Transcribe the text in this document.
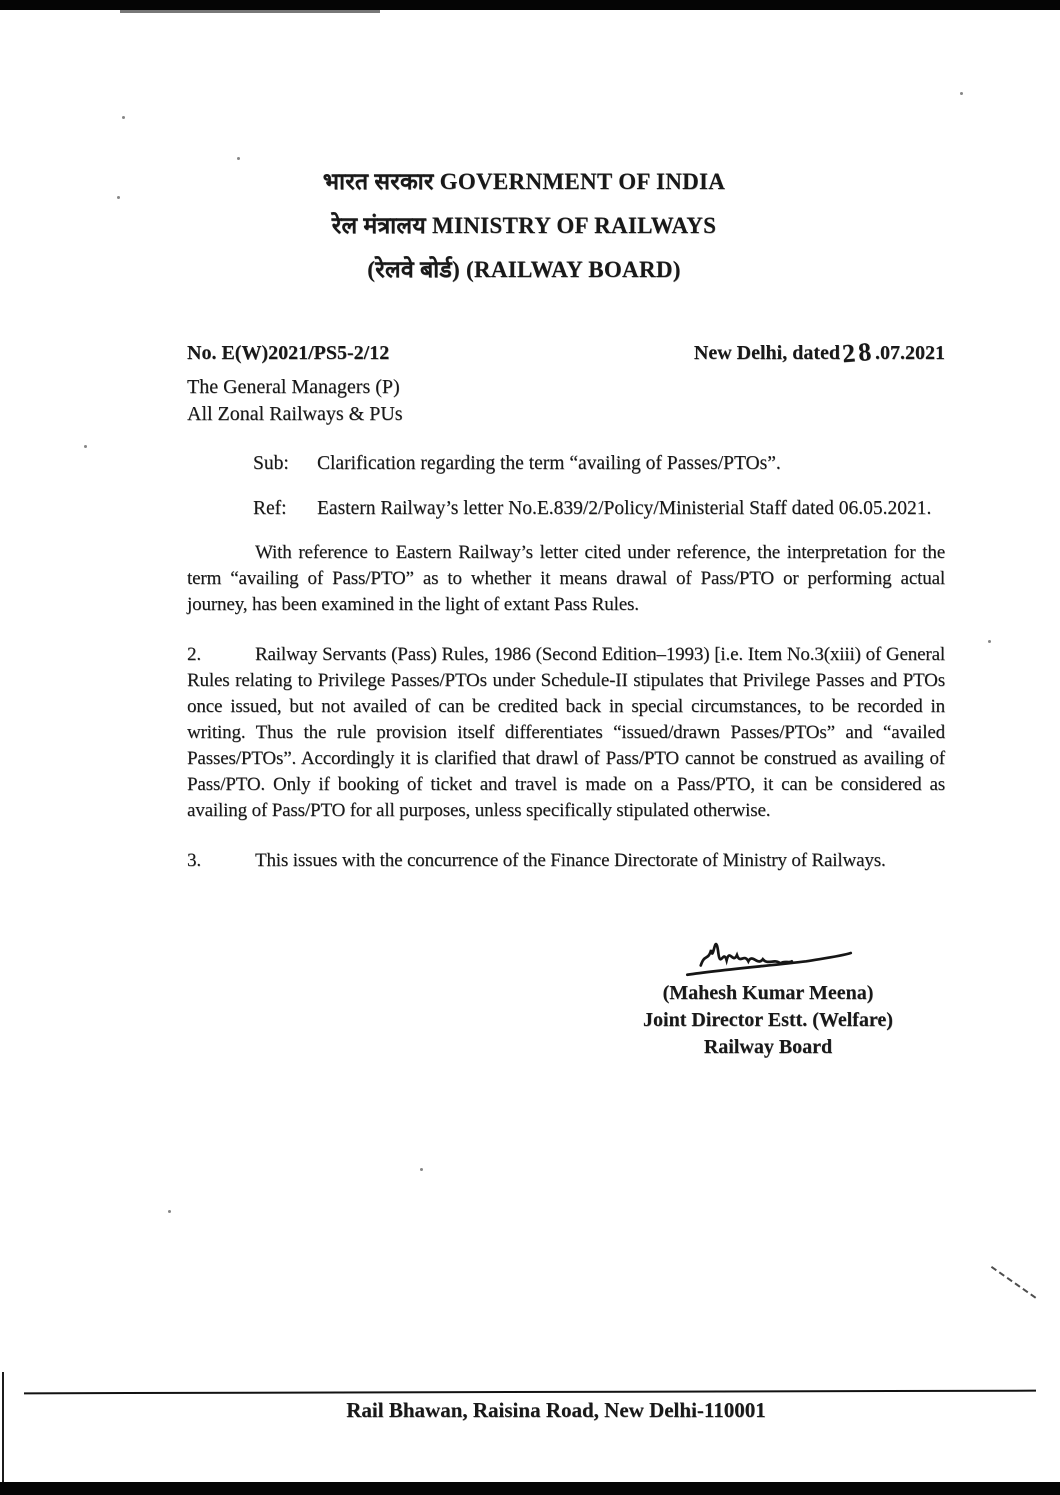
भारत सरकार GOVERNMENT OF INDIA
रेल मंत्रालय MINISTRY OF RAILWAYS
(रेलवे बोर्ड) (RAILWAY BOARD)
No. E(W)2021/PS5-2/12	New Delhi, dated28.07.2021
The General Managers (P)
All Zonal Railways & PUs
Sub:	Clarification regarding the term “availing of Passes/PTOs”.
Ref:	Eastern Railway’s letter No.E.839/2/Policy/Ministerial Staff dated 06.05.2021.

With reference to Eastern Railway’s letter cited under reference, the interpretation for the term “availing of Pass/PTO” as to whether it means drawal of Pass/PTO or performing actual journey, has been examined in the light of extant Pass Rules.

2.	Railway Servants (Pass) Rules, 1986 (Second Edition–1993) [i.e. Item No.3(xiii) of General Rules relating to Privilege Passes/PTOs under Schedule-II stipulates that Privilege Passes and PTOs once issued, but not availed of can be credited back in special circumstances, to be recorded in writing. Thus the rule provision itself differentiates “issued/drawn Passes/PTOs” and “availed Passes/PTOs”. Accordingly it is clarified that drawl of Pass/PTO cannot be construed as availing of Pass/PTO. Only if booking of ticket and travel is made on a Pass/PTO, it can be considered as availing of Pass/PTO for all purposes, unless specifically stipulated otherwise.

3.	This issues with the concurrence of the Finance Directorate of Ministry of Railways.

(Mahesh Kumar Meena)
Joint Director Estt. (Welfare)
Railway Board
Rail Bhawan, Raisina Road, New Delhi-110001
